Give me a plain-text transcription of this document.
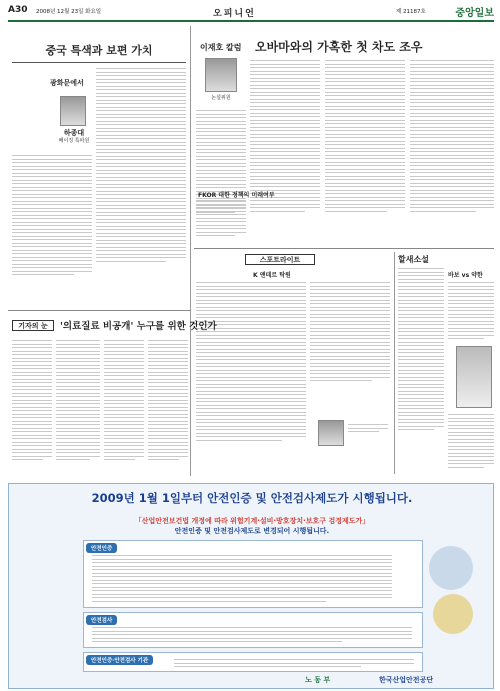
A30 2008년 12월 23일 화요일	오피니언	제 21187호	중앙일보
중국 특색과 보편 가치
광화문에서
하종대
베이징 특파원
이재호 칼럼
논설위원
오바마와의 가혹한 첫 차도 조우
FKOR 대한 정책의 미래여부
스포트라이트
K 앤데르 탁원
할새소설
바보 vs 약한
'의료질료 비공개' 누구를 위한 것인가
기자의 눈
2009년 1월 1일부터 안전인증 및 안전검사제도가 시행됩니다.
「산업안전보건법 개정에 따라 위험기계·설비·방호장치·보호구 검정제도가」
안전인증 및 안전검사제도로 변경되어 시행됩니다.
안전인증
안전검사
안전인증·안전검사 기관
노 동 부	한국산업안전공단
